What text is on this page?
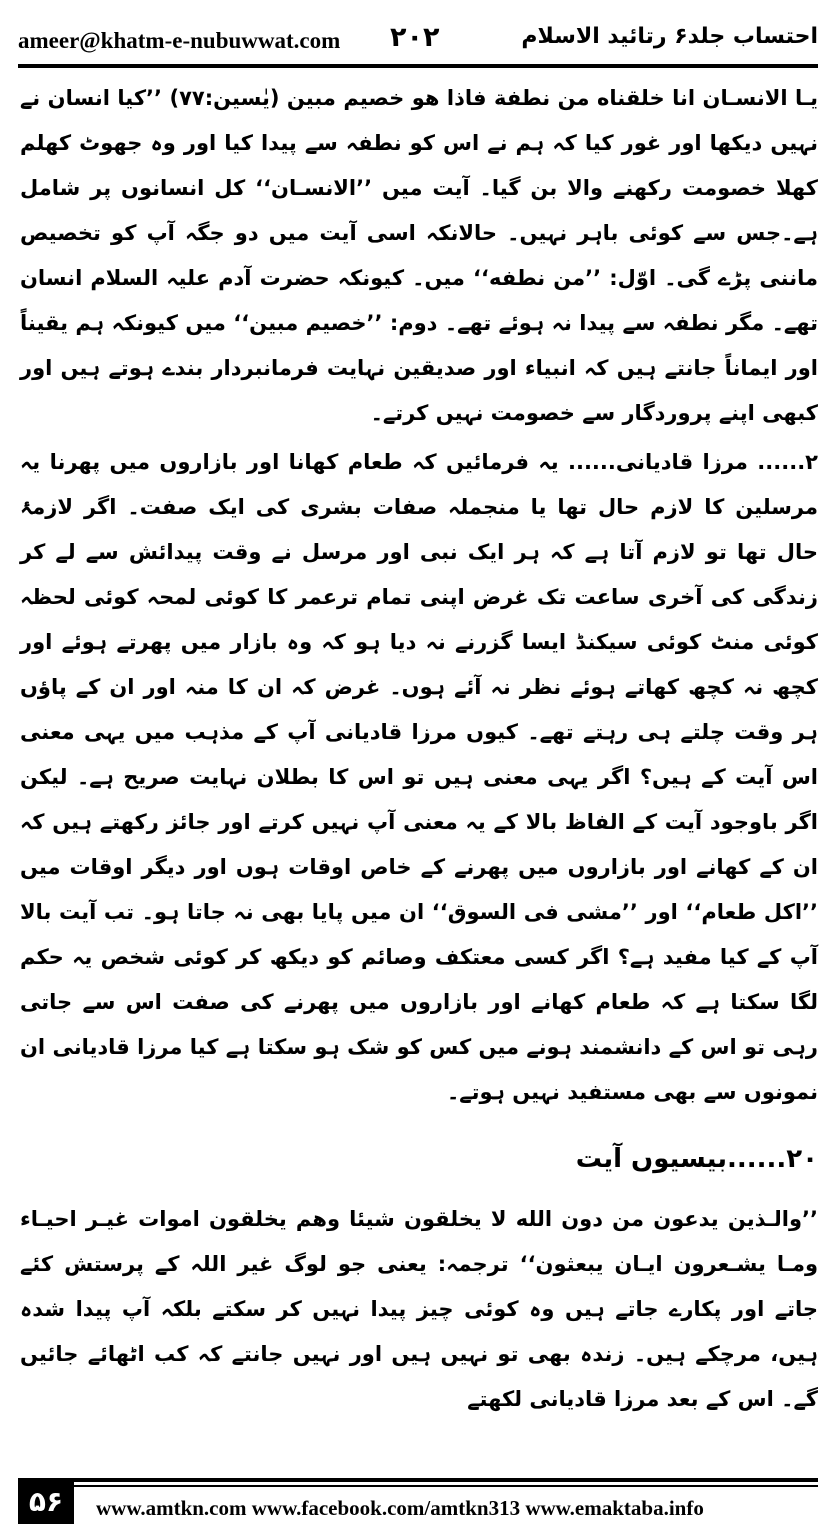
ameer@khatm-e-nubuwwat.com ۲۰۲	احتساب جلد۶ رتائید الاسلام

یـا الانسـان انا خلقناه من نطفة فاذا هو خصیم مبین (یٰسین:۷۷) ’’کیا انسان نے نہیں دیکھا اور غور کیا کہ ہم نے اس کو نطفہ سے پیدا کیا اور وہ جھوٹ کھلم کھلا خصومت رکھنے والا بن گیا۔ آیت میں ’’الانسـان‘‘ کل انسانوں پر شامل ہے۔جس سے کوئی باہر نہیں۔ حالانکہ اسی آیت میں دو جگہ آپ کو تخصیص ماننی پڑے گی۔ اوّل: ’’من نطفه‘‘ میں۔ کیونکہ حضرت آدم علیہ السلام انسان تھے۔ مگر نطفہ سے پیدا نہ ہوئے تھے۔ دوم: ’’خصیم مبین‘‘ میں کیونکہ ہم یقیناً اور ایماناً جانتے ہیں کہ انبیاء اور صدیقین نہایت فرمانبردار بندے ہوتے ہیں اور کبھی اپنے پروردگار سے خصومت نہیں کرتے۔

۲...... مرزا قادیانی...... یہ فرمائیں کہ طعام کھانا اور بازاروں میں پھرنا یہ مرسلین کا لازم حال تھا یا منجملہ صفات بشری کی ایک صفت۔ اگر لازمۂ حال تھا تو لازم آتا ہے کہ ہر ایک نبی اور مرسل نے وقت پیدائش سے لے کر زندگی کی آخری ساعت تک غرض اپنی تمام ترعمر کا کوئی لمحہ کوئی لحظہ کوئی منٹ کوئی سیکنڈ ایسا گزرنے نہ دیا ہو کہ وہ بازار میں پھرتے ہوئے اور کچھ نہ کچھ کھاتے ہوئے نظر نہ آئے ہوں۔ غرض کہ ان کا منہ اور ان کے پاؤں ہر وقت چلتے ہی رہتے تھے۔ کیوں مرزا قادیانی آپ کے مذہب میں یہی معنی اس آیت کے ہیں؟ اگر یہی معنی ہیں تو اس کا بطلان نہایت صریح ہے۔ لیکن اگر باوجود آیت کے الفاظ بالا کے یہ معنی آپ نہیں کرتے اور جائز رکھتے ہیں کہ ان کے کھانے اور بازاروں میں پھرنے کے خاص اوقات ہوں اور دیگر اوقات میں ’’اکل طعام‘‘ اور ’’مشی فی السوق‘‘ ان میں پایا بھی نہ جاتا ہو۔ تب آیت بالا آپ کے کیا مفید ہے؟ اگر کسی معتکف وصائم کو دیکھ کر کوئی شخص یہ حکم لگا سکتا ہے کہ طعام کھانے اور بازاروں میں پھرنے کی صفت اس سے جاتی رہی تو اس کے دانشمند ہونے میں کس کو شک ہو سکتا ہے کیا مرزا قادیانی ان نمونوں سے بھی مستفید نہیں ہوتے۔

۲۰......بیسیوں آیت

’’والـذین یدعون من دون الله لا یخلقون شیئا وهم یخلقون اموات غیـر احیـاء ومـا یشـعرون ایـان یبعثون‘‘ ترجمہ: یعنی جو لوگ غیر اللہ کے پرستش کئے جاتے اور پکارے جاتے ہیں وہ کوئی چیز پیدا نہیں کر سکتے بلکہ آپ پیدا شدہ ہیں، مرچکے ہیں۔ زندہ بھی تو نہیں ہیں اور نہیں جانتے کہ کب اٹھائے جائیں گے۔ اس کے بعد مرزا قادیانی لکھتے

۵۶	www.amtkn.com www.facebook.com/amtkn313 www.emaktaba.info
